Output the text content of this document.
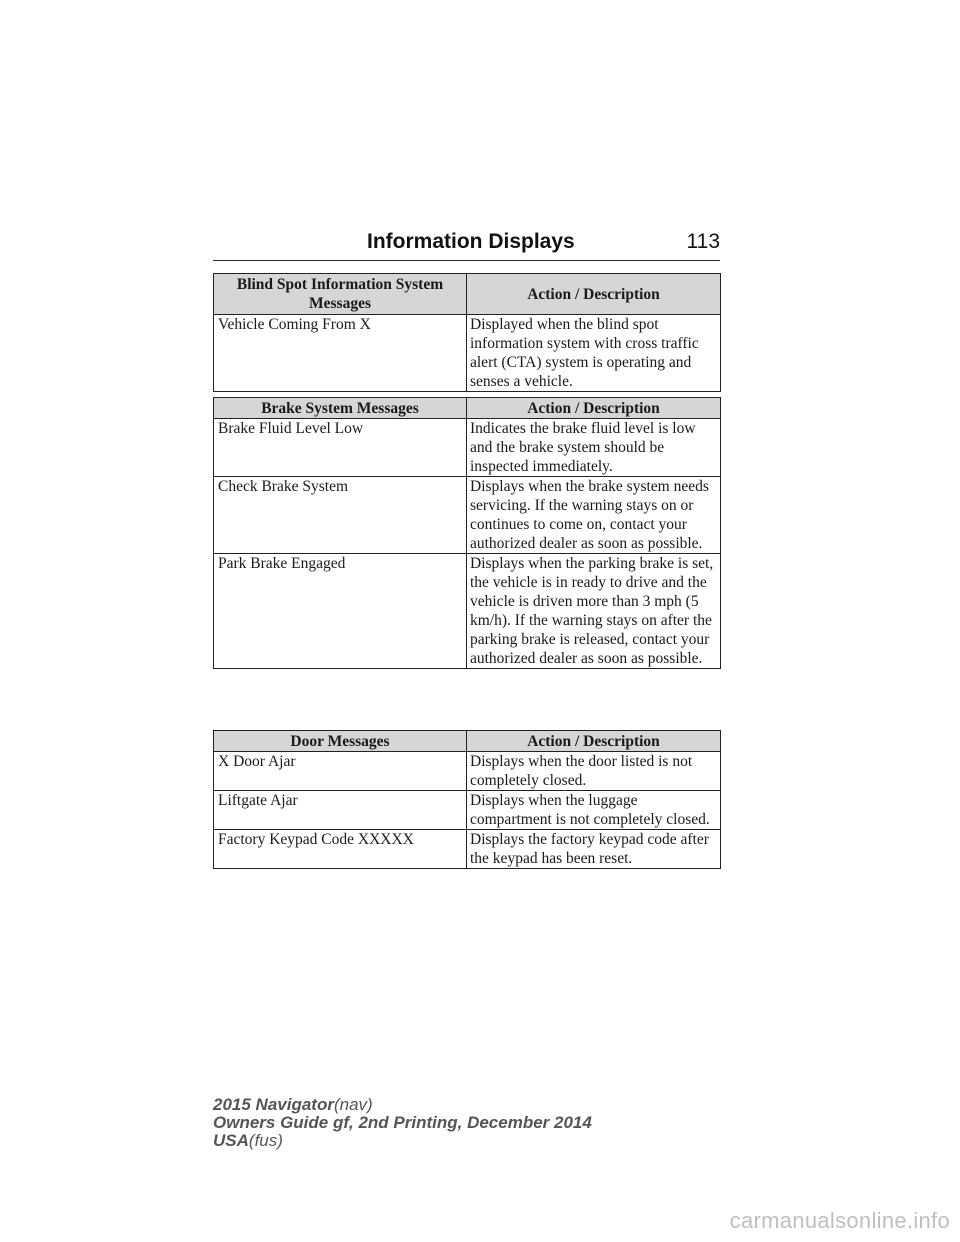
Information Displays	113
Blind Spot Information System Messages	Action / Description
Vehicle Coming From X	Displayed when the blind spot information system with cross traffic alert (CTA) system is operating and senses a vehicle.
Brake System Messages	Action / Description
Brake Fluid Level Low	Indicates the brake fluid level is low and the brake system should be inspected immediately.
Check Brake System	Displays when the brake system needs servicing. If the warning stays on or continues to come on, contact your authorized dealer as soon as possible.
Park Brake Engaged	Displays when the parking brake is set, the vehicle is in ready to drive and the vehicle is driven more than 3 mph (5 km/h). If the warning stays on after the parking brake is released, contact your authorized dealer as soon as possible.
Door Messages	Action / Description
X Door Ajar	Displays when the door listed is not completely closed.
Liftgate Ajar	Displays when the luggage compartment is not completely closed.
Factory Keypad Code XXXXX	Displays the factory keypad code after the keypad has been reset.
2015 Navigator(nav)
Owners Guide gf, 2nd Printing, December 2014
USA(fus)
carmanualsonline.info
